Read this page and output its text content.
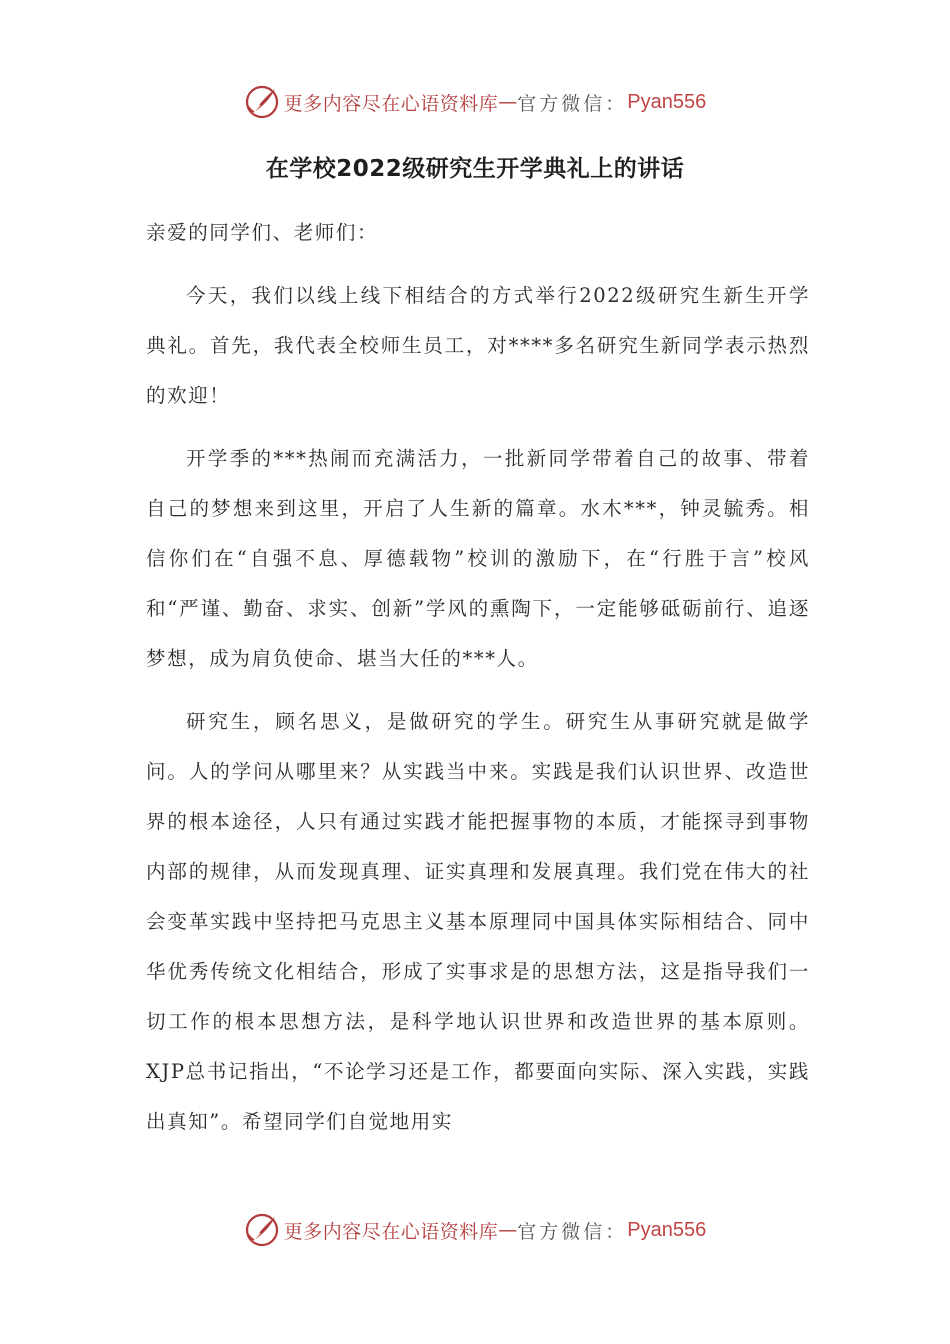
更多内容尽在心语资料库 — 官方微信： Pyan556
在学校2022级研究生开学典礼上的讲话

亲爱的同学们、老师们：

今天，我们以线上线下相结合的方式举行2022级研究生新生开学典礼。首先，我代表全校师生员工，对****多名研究生新同学表示热烈的欢迎！

开学季的***热闹而充满活力，一批新同学带着自己的故事、带着自己的梦想来到这里，开启了人生新的篇章。水木***，钟灵毓秀。相信你们在“自强不息、厚德载物”校训的激励下，在“行胜于言”校风和“严谨、勤奋、求实、创新”学风的熏陶下，一定能够砥砺前行、追逐梦想，成为肩负使命、堪当大任的***人。

研究生，顾名思义，是做研究的学生。研究生从事研究就是做学问。人的学问从哪里来？从实践当中来。实践是我们认识世界、改造世界的根本途径，人只有通过实践才能把握事物的本质，才能探寻到事物内部的规律，从而发现真理、证实真理和发展真理。我们党在伟大的社会变革实践中坚持把马克思主义基本原理同中国具体实际相结合、同中华优秀传统文化相结合，形成了实事求是的思想方法，这是指导我们一切工作的根本思想方法，是科学地认识世界和改造世界的基本原则。XJP总书记指出，“不论学习还是工作，都要面向实际、深入实践，实践出真知”。希望同学们自觉地用实

更多内容尽在心语资料库 — 官方微信： Pyan556
